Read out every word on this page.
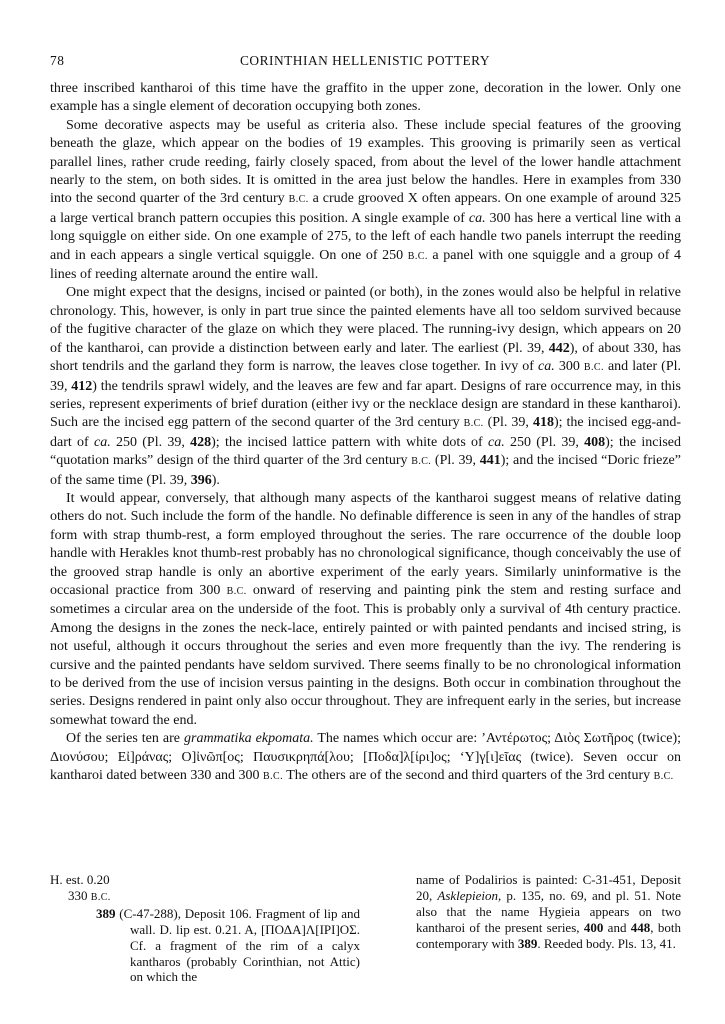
78	CORINTHIAN HELLENISTIC POTTERY

three inscribed kantharoi of this time have the graffito in the upper zone, decoration in the lower. Only one example has a single element of decoration occupying both zones.

Some decorative aspects may be useful as criteria also. These include special features of the grooving beneath the glaze, which appear on the bodies of 19 examples. This grooving is primarily seen as vertical parallel lines, rather crude reeding, fairly closely spaced, from about the level of the lower handle attachment nearly to the stem, on both sides. It is omitted in the area just below the handles. Here in examples from 330 into the second quarter of the 3rd century B.C. a crude grooved X often appears. On one example of around 325 a large vertical branch pattern occupies this position. A single example of ca. 300 has here a vertical line with a long squiggle on either side. On one example of 275, to the left of each handle two panels interrupt the reeding and in each appears a single vertical squiggle. On one of 250 B.C. a panel with one squiggle and a group of 4 lines of reeding alternate around the entire wall.

One might expect that the designs, incised or painted (or both), in the zones would also be helpful in relative chronology. This, however, is only in part true since the painted elements have all too seldom survived because of the fugitive character of the glaze on which they were placed. The running-ivy design, which appears on 20 of the kantharoi, can provide a distinction between early and later. The earliest (Pl. 39, 442), of about 330, has short tendrils and the garland they form is narrow, the leaves close together. In ivy of ca. 300 B.C. and later (Pl. 39, 412) the tendrils sprawl widely, and the leaves are few and far apart. Designs of rare occurrence may, in this series, represent experiments of brief duration (either ivy or the necklace design are standard in these kantharoi). Such are the incised egg pattern of the second quarter of the 3rd century B.C. (Pl. 39, 418); the incised egg-and-dart of ca. 250 (Pl. 39, 428); the incised lattice pattern with white dots of ca. 250 (Pl. 39, 408); the incised “quotation marks” design of the third quarter of the 3rd century B.C. (Pl. 39, 441); and the incised “Doric frieze” of the same time (Pl. 39, 396).

It would appear, conversely, that although many aspects of the kantharoi suggest means of relative dating others do not. Such include the form of the handle. No definable difference is seen in any of the handles of strap form with strap thumb-rest, a form employed throughout the series. The rare occurrence of the double loop handle with Herakles knot thumb-rest probably has no chronological significance, though conceivably the use of the grooved strap handle is only an abortive experiment of the early years. Similarly uninformative is the occasional practice from 300 B.C. onward of reserving and painting pink the stem and resting surface and sometimes a circular area on the underside of the foot. This is probably only a survival of 4th century practice. Among the designs in the zones the neck-lace, entirely painted or with painted pendants and incised string, is not useful, although it occurs throughout the series and even more frequently than the ivy. The rendering is cursive and the painted pendants have seldom survived. There seems finally to be no chronological information to be derived from the use of incision versus painting in the designs. Both occur in combination throughout the series. Designs rendered in paint only also occur throughout. They are infrequent early in the series, but increase somewhat toward the end.

Of the series ten are grammatika ekpomata. The names which occur are: ’Αντέρωτος; Διὸς Σωτῆρος (twice); Διονύσου; Εἰ]ράνας; Ο]ἰνῶπ[ος; Παυσικρηπά[λου; [Ποδα]λ[ίρι]ος; ‘Υ]γ[ι]εῖας (twice). Seven occur on kantharoi dated between 330 and 300 B.C. The others are of the second and third quarters of the 3rd century B.C.

H. est. 0.20

330 B.C.

389 (C-47-288), Deposit 106. Fragment of lip and wall. D. lip est. 0.21. A, [ΠΟΔΑ]Λ[ΙΡΙ]ΟΣ. Cf. a fragment of the rim of a calyx kantharos (probably Corinthian, not Attic) on which the

name of Podalirios is painted: C-31-451, Deposit 20, Asklepieion, p. 135, no. 69, and pl. 51. Note also that the name Hygieia appears on two kantharoi of the present series, 400 and 448, both contemporary with 389. Reeded body. Pls. 13, 41.
